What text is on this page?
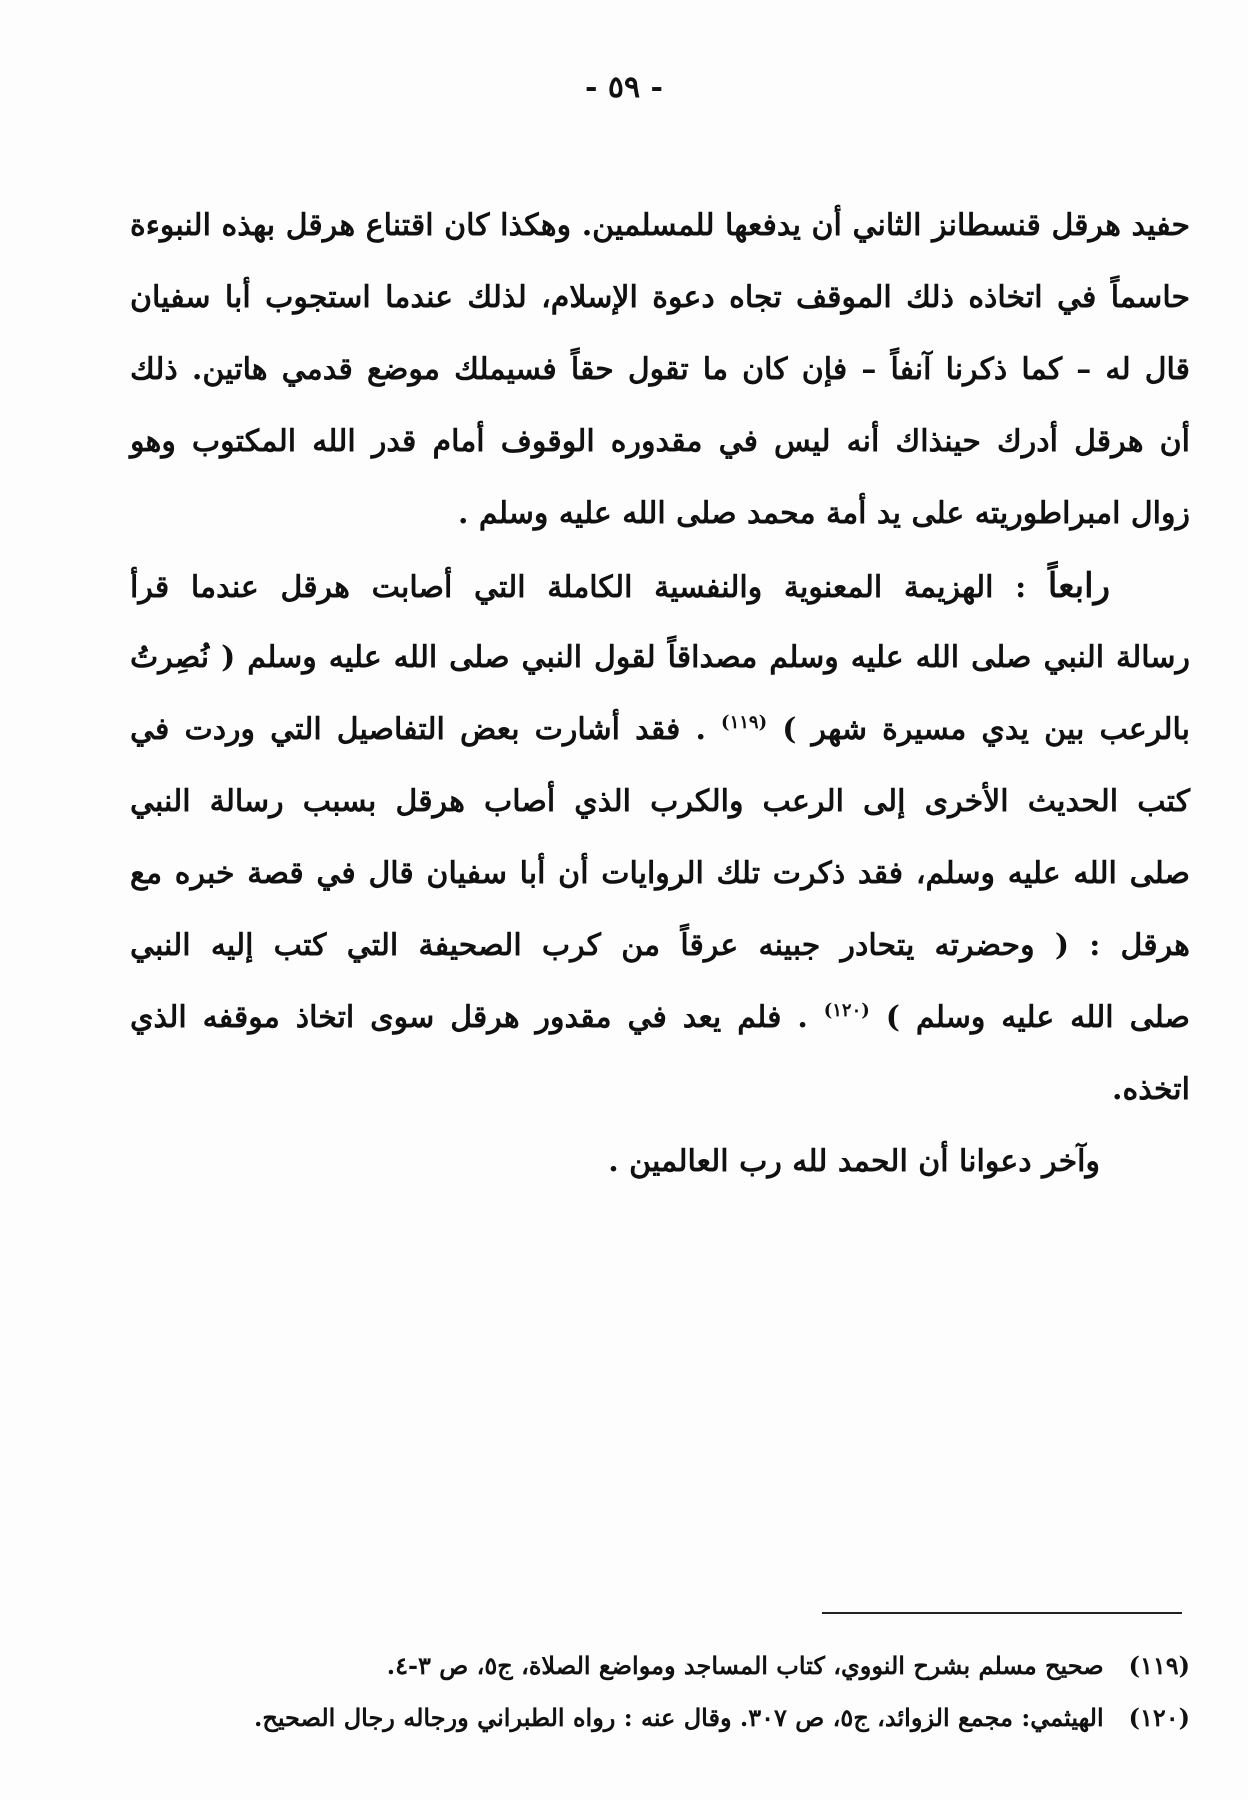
- ٥٩ -
حفيد هرقل قنسطانز الثاني أن يدفعها للمسلمين. وهكذا كان اقتناع هرقل بهذه النبوءة
حاسماً في اتخاذه ذلك الموقف تجاه دعوة الإسلام، لذلك عندما استجوب أبا سفيان
قال له – كما ذكرنا آنفاً – فإن كان ما تقول حقاً فسيملك موضع قدمي هاتين. ذلك
أن هرقل أدرك حينذاك أنه ليس في مقدوره الوقوف أمام قدر الله المكتوب وهو
زوال امبراطوريته على يد أمة محمد صلى الله عليه وسلم .
رابعاً : الهزيمة المعنوية والنفسية الكاملة التي أصابت هرقل عندما قرأ
رسالة النبي صلى الله عليه وسلم مصداقاً لقول النبي صلى الله عليه وسلم ( نُصِرتُ
بالرعب بين يدي مسيرة شهر ) $^{(١١٩)}$ . فقد أشارت بعض التفاصيل التي وردت في
كتب الحديث الأخرى إلى الرعب والكرب الذي أصاب هرقل بسبب رسالة النبي
صلى الله عليه وسلم، فقد ذكرت تلك الروايات أن أبا سفيان قال في قصة خبره مع
هرقل : ( وحضرته يتحادر جبينه عرقاً من كرب الصحيفة التي كتب إليه النبي
صلى الله عليه وسلم ) $^{(١٢٠)}$ . فلم يعد في مقدور هرقل سوى اتخاذ موقفه الذي
اتخذه.
وآخر دعوانا أن الحمد لله رب العالمين .
(١١٩) صحيح مسلم بشرح النووي، كتاب المساجد ومواضع الصلاة، ج٥، ص ٣-٤.
(١٢٠) الهيثمي: مجمع الزوائد، ج٥، ص ٣٠٧. وقال عنه : رواه الطبراني ورجاله رجال الصحيح.
